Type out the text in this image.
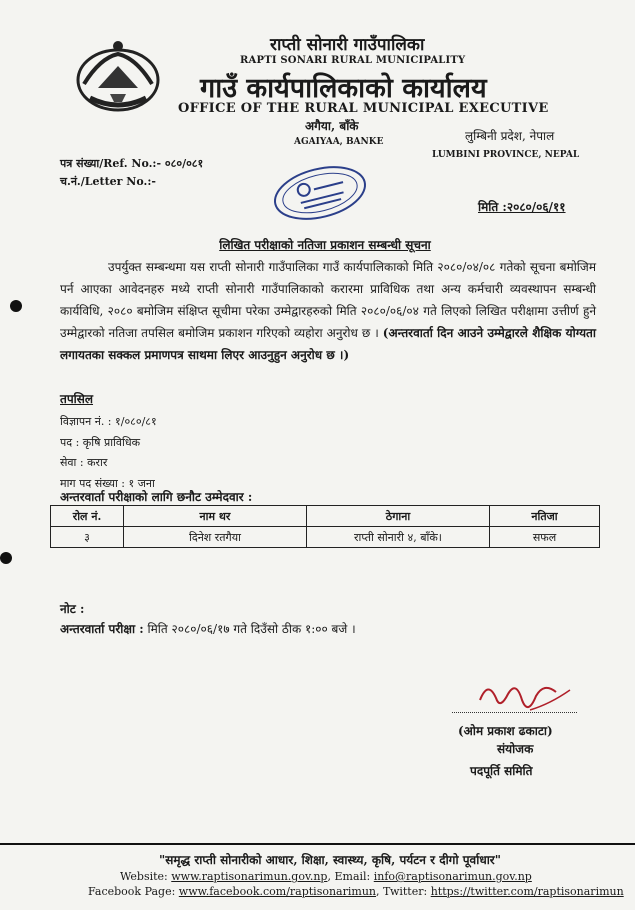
राप्ती सोनारी गाउँपालिका
RAPTI SONARI RURAL MUNICIPALITY
गाउँ कार्यपालिकाको कार्यालय
OFFICE OF THE RURAL MUNICIPAL EXECUTIVE
अगैया, बाँके
AGAIYAA, BANKE	लुम्बिनी प्रदेश, नेपाल
LUMBINI PROVINCE, NEPAL
पत्र संख्या/Ref. No.:- ०८०/०८१
च.नं./Letter No.:-
मिति :२०८०/०६/११
लिखित परीक्षाको नतिजा प्रकाशन सम्बन्धी सूचना
उपर्युक्त सम्बन्धमा यस राप्ती सोनारी गाउँपालिका गाउँ कार्यपालिकाको मिति २०८०/०४/०८ गतेको सूचना बमोजिम पर्न आएका आवेदनहरु मध्ये राप्ती सोनारी गाउँपालिकाको करारमा प्राविधिक तथा अन्य कर्मचारी व्यवस्थापन सम्बन्धी कार्यविधि, २०८० बमोजिम संक्षिप्त सूचीमा परेका उम्मेद्वारहरुको मिति २०८०/०६/०४ गते लिएको लिखित परीक्षामा उत्तीर्ण हुने उम्मेद्वारको नतिजा तपसिल बमोजिम प्रकाशन गरिएको व्यहोरा अनुरोध छ । (अन्तरवार्ता दिन आउने उम्मेद्वारले शैक्षिक योग्यता लगायतका सक्कल प्रमाणपत्र साथमा लिएर आउनुहुन अनुरोध छ ।)
तपसिल
विज्ञापन नं. : १/०८०/८१
पद : कृषि प्राविधिक
सेवा : करार
माग पद संख्या : १ जना
अन्तरवार्ता परीक्षाको लागि छनौट उम्मेदवार :
रोल नं.	नाम थर	ठेगाना	नतिजा
३	दिनेश रतगैया	राप्ती सोनारी ४, बाँके।	सफल
नोट :
अन्तरवार्ता परीक्षा : मिति २०८०/०६/१७ गते दिउँसो ठीक १:०० बजे ।
(ओम प्रकाश ढकाटा)
संयोजक
पदपूर्ति समिति
"समृद्ध राप्ती सोनारीको आधार, शिक्षा, स्वास्थ्य, कृषि, पर्यटन र दीगो पूर्वाधार"
Website: www.raptisonarimun.gov.np, Email: info@raptisonarimun.gov.np
Facebook Page: www.facebook.com/raptisonarimun, Twitter: https://twitter.com/raptisonarimun
